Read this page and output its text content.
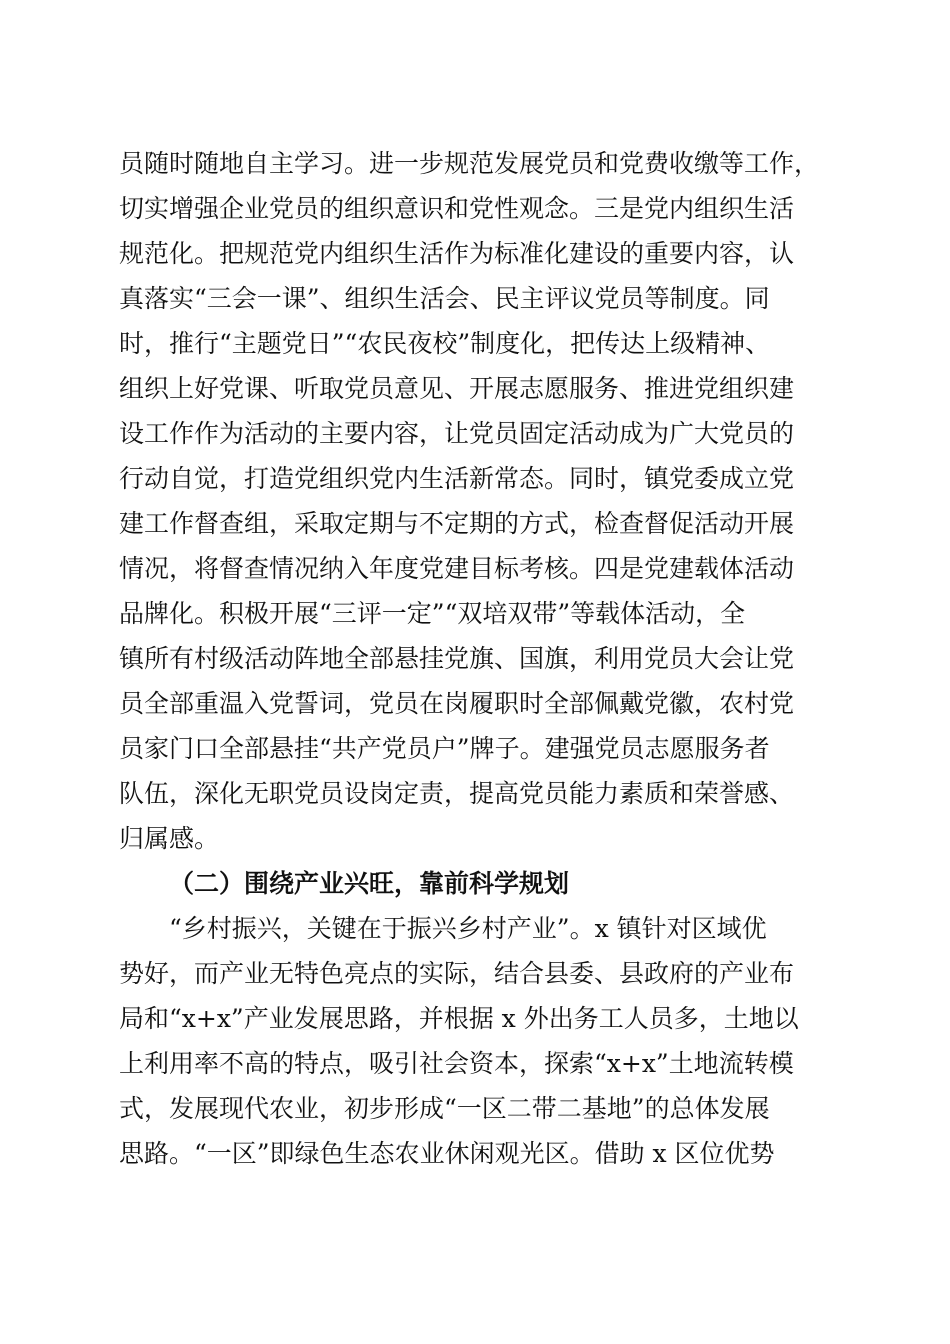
员随时随地自主学习。进一步规范发展党员和党费收缴等工作，

切实增强企业党员的组织意识和党性观念。三是党内组织生活

规范化。把规范党内组织生活作为标准化建设的重要内容，认

真落实“三会一课”、组织生活会、民主评议党员等制度。同

时，推行“主题党日”“农民夜校”制度化，把传达上级精神、

组织上好党课、听取党员意见、开展志愿服务、推进党组织建

设工作作为活动的主要内容，让党员固定活动成为广大党员的

行动自觉，打造党组织党内生活新常态。同时，镇党委成立党

建工作督查组，采取定期与不定期的方式，检查督促活动开展

情况，将督查情况纳入年度党建目标考核。四是党建载体活动

品牌化。积极开展“三评一定”“双培双带”等载体活动，全

镇所有村级活动阵地全部悬挂党旗、国旗，利用党员大会让党

员全部重温入党誓词，党员在岗履职时全部佩戴党徽，农村党

员家门口全部悬挂“共产党员户”牌子。建强党员志愿服务者

队伍，深化无职党员设岗定责，提高党员能力素质和荣誉感、

归属感。

（二）围绕产业兴旺，靠前科学规划

“乡村振兴，关键在于振兴乡村产业”。x 镇针对区域优

势好，而产业无特色亮点的实际，结合县委、县政府的产业布

局和“x+x”产业发展思路，并根据 x 外出务工人员多，土地以

上利用率不高的特点，吸引社会资本，探索“x+x”土地流转模

式，发展现代农业，初步形成“一区二带二基地”的总体发展

思路。“一区”即绿色生态农业休闲观光区。借助 x 区位优势
